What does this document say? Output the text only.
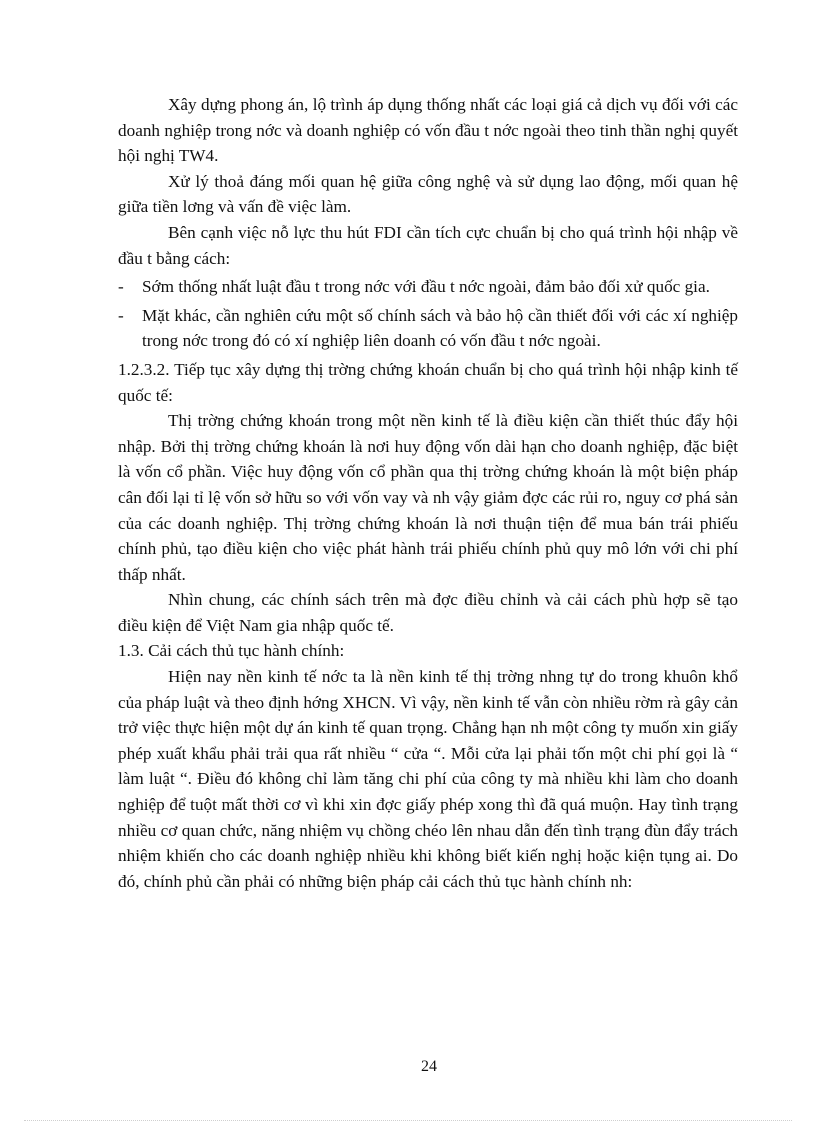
Xây dựng phong án, lộ trình áp dụng thống nhất các loại giá cả dịch vụ đối với các doanh nghiệp trong nớc và doanh nghiệp có vốn đầu t nớc ngoài theo tinh thần nghị quyết hội nghị TW4.

Xử lý thoả đáng mối quan hệ giữa công nghệ và sử dụng lao động, mối quan hệ giữa tiền lơng và vấn đề việc làm.

Bên cạnh việc nỗ lực thu hút FDI cần tích cực chuẩn bị cho quá trình hội nhập về đầu t bằng cách:

- Sớm thống nhất luật đầu t trong nớc với đầu t nớc ngoài, đảm bảo đối xử quốc gia.
- Mặt khác, cần nghiên cứu một số chính sách và bảo hộ cần thiết đối với các xí nghiệp trong nớc trong đó có xí nghiệp liên doanh có vốn đầu t nớc ngoài.

1.2.3.2. Tiếp tục xây dựng thị trờng chứng khoán chuẩn bị cho quá trình hội nhập kinh tế quốc tế:

Thị trờng chứng khoán trong một nền kinh tế là điều kiện cần thiết thúc đẩy hội nhập. Bởi thị trờng chứng khoán là nơi huy động vốn dài hạn cho doanh nghiệp, đặc biệt là vốn cổ phần. Việc huy động vốn cổ phần qua thị trờng chứng khoán là một biện pháp cân đối lại tỉ lệ vốn sở hữu so với vốn vay và nh vậy giảm đợc các rủi ro, nguy cơ phá sản của các doanh nghiệp. Thị trờng chứng khoán là nơi thuận tiện để mua bán trái phiếu chính phủ, tạo điều kiện cho việc phát hành trái phiếu chính phủ quy mô lớn với chi phí thấp nhất.

Nhìn chung, các chính sách trên mà đợc điều chỉnh và cải cách phù hợp sẽ tạo điều kiện để Việt Nam gia nhập quốc tế.

1.3. Cải cách thủ tục hành chính:

Hiện nay nền kinh tế nớc ta là nền kinh tế thị trờng nhng tự do trong khuôn khổ của pháp luật và theo định hớng XHCN. Vì vậy, nền kinh tế vẫn còn nhiều rờm rà gây cản trở việc thực hiện một dự án kinh tế quan trọng. Chẳng hạn nh một công ty muốn xin giấy phép xuất khẩu phải trải qua rất nhiều “ cửa “. Mỗi cửa lại phải tốn một chi phí gọi là “ làm luật “. Điều đó không chỉ làm tăng chi phí của công ty mà nhiều khi làm cho doanh nghiệp để tuột mất thời cơ vì khi xin đợc giấy phép xong thì đã quá muộn. Hay tình trạng nhiều cơ quan chức, năng nhiệm vụ chồng chéo lên nhau dẫn đến tình trạng đùn đẩy trách nhiệm khiến cho các doanh nghiệp nhiều khi không biết kiến nghị hoặc kiện tụng ai. Do đó, chính phủ cần phải có những biện pháp cải cách thủ tục hành chính nh:

24
